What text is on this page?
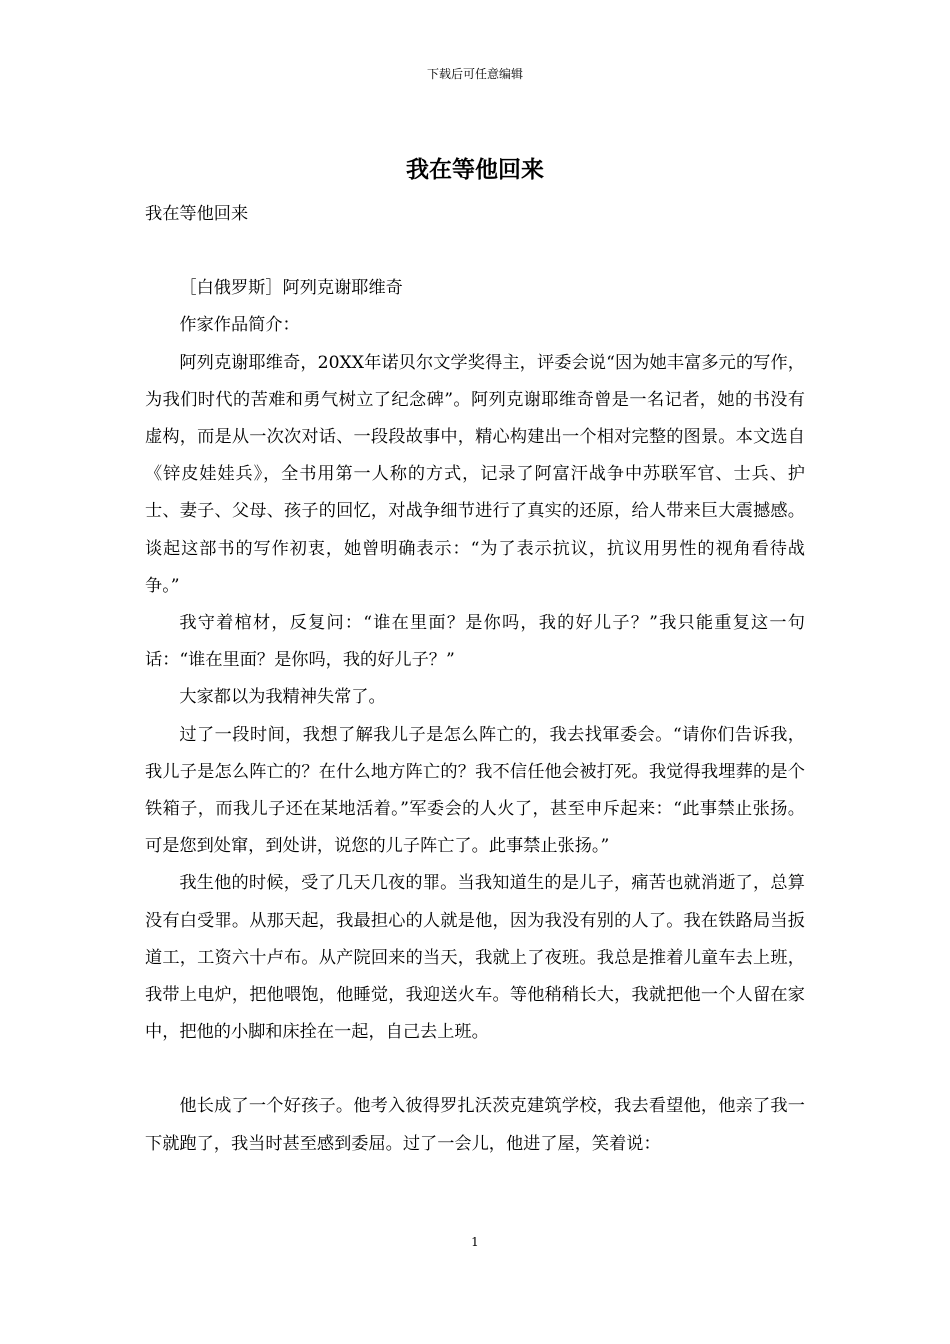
下载后可任意编辑
我在等他回来

我在等他回来

［白俄罗斯］阿列克谢耶维奇

作家作品简介：

阿列克谢耶维奇，20XX年诺贝尔文学奖得主，评委会说“因为她丰富多元的写作，为我们时代的苦难和勇气树立了纪念碑”。阿列克谢耶维奇曾是一名记者，她的书没有虚构，而是从一次次对话、一段段故事中，精心构建出一个相对完整的图景。本文选自《锌皮娃娃兵》，全书用第一人称的方式，记录了阿富汗战争中苏联军官、士兵、护士、妻子、父母、孩子的回忆，对战争细节进行了真实的还原，给人带来巨大震撼感。谈起这部书的写作初衷，她曾明确表示：“为了表示抗议，抗议用男性的视角看待战争。”

我守着棺材，反复问：“谁在里面？是你吗，我的好儿子？”我只能重复这一句话：“谁在里面？是你吗，我的好儿子？”

大家都以为我精神失常了。

过了一段时间，我想了解我儿子是怎么阵亡的，我去找軍委会。“请你们告诉我，我儿子是怎么阵亡的？在什么地方阵亡的？我不信任他会被打死。我觉得我埋葬的是个铁箱子，而我儿子还在某地活着。”军委会的人火了，甚至申斥起来：“此事禁止张扬。可是您到处窜，到处讲，说您的儿子阵亡了。此事禁止张扬。”

我生他的时候，受了几天几夜的罪。当我知道生的是儿子，痛苦也就消逝了，总算没有白受罪。从那天起，我最担心的人就是他，因为我没有别的人了。我在铁路局当扳道工，工资六十卢布。从产院回来的当天，我就上了夜班。我总是推着儿童车去上班，我带上电炉，把他喂饱，他睡觉，我迎送火车。等他稍稍长大，我就把他一个人留在家中，把他的小脚和床拴在一起，自己去上班。

他长成了一个好孩子。他考入彼得罗扎沃茨克建筑学校，我去看望他，他亲了我一下就跑了，我当时甚至感到委屈。过了一会儿，他进了屋，笑着说：

1
